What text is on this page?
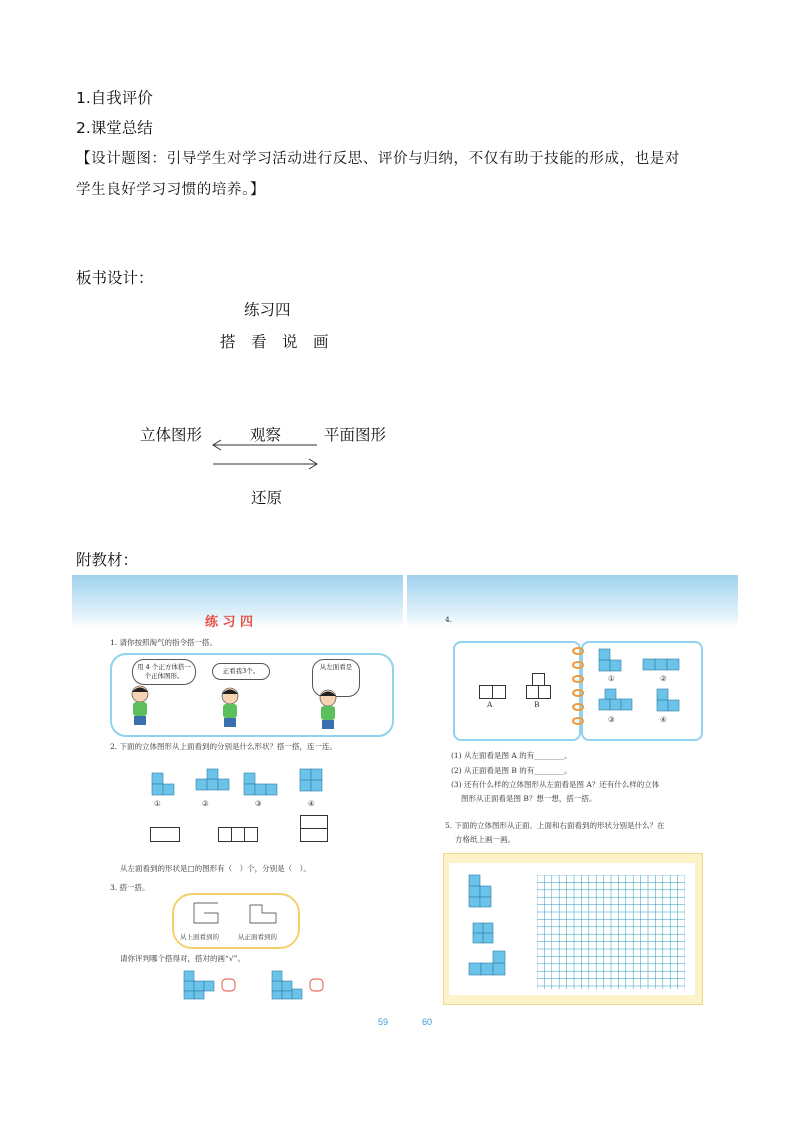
1.自我评价
2.课堂总结
【设计题图：引导学生对学习活动进行反思、评价与归纳，不仅有助于技能的形成，也是对
学生良好学习习惯的培养。】
板书设计：
练习四
搭　看　说　画
立体图形	观察	平面图形
还原
附教材：
练 习 四
1. 请你按照淘气的指令搭一搭。
用 4 个正方体搭一个正体图形。
正看我3个。	从左面看是
2. 下面的立体图形从上面看到的分别是什么形状？搭一搭，连一连。
①	②	③	④
从左面看到的形状是□的图形有（　）个，分别是（　）。
3. 搭一搭。
从上面看到的	从正面看到的
请你评判哪个搭得对，搭对的画“√”。
4.
A	B
①	②
③	④
(1) 从左面看是图 A 的有________。
(2) 从正面看是图 B 的有________。
(3) 还有什么样的立体图形从左面看是图 A？还有什么样的立体
图形从正面看是图 B？想一想，搭一搭。
5. 下面的立体图形从正面、上面和右面看到的形状分别是什么？在
方格纸上画一画。
59	60
